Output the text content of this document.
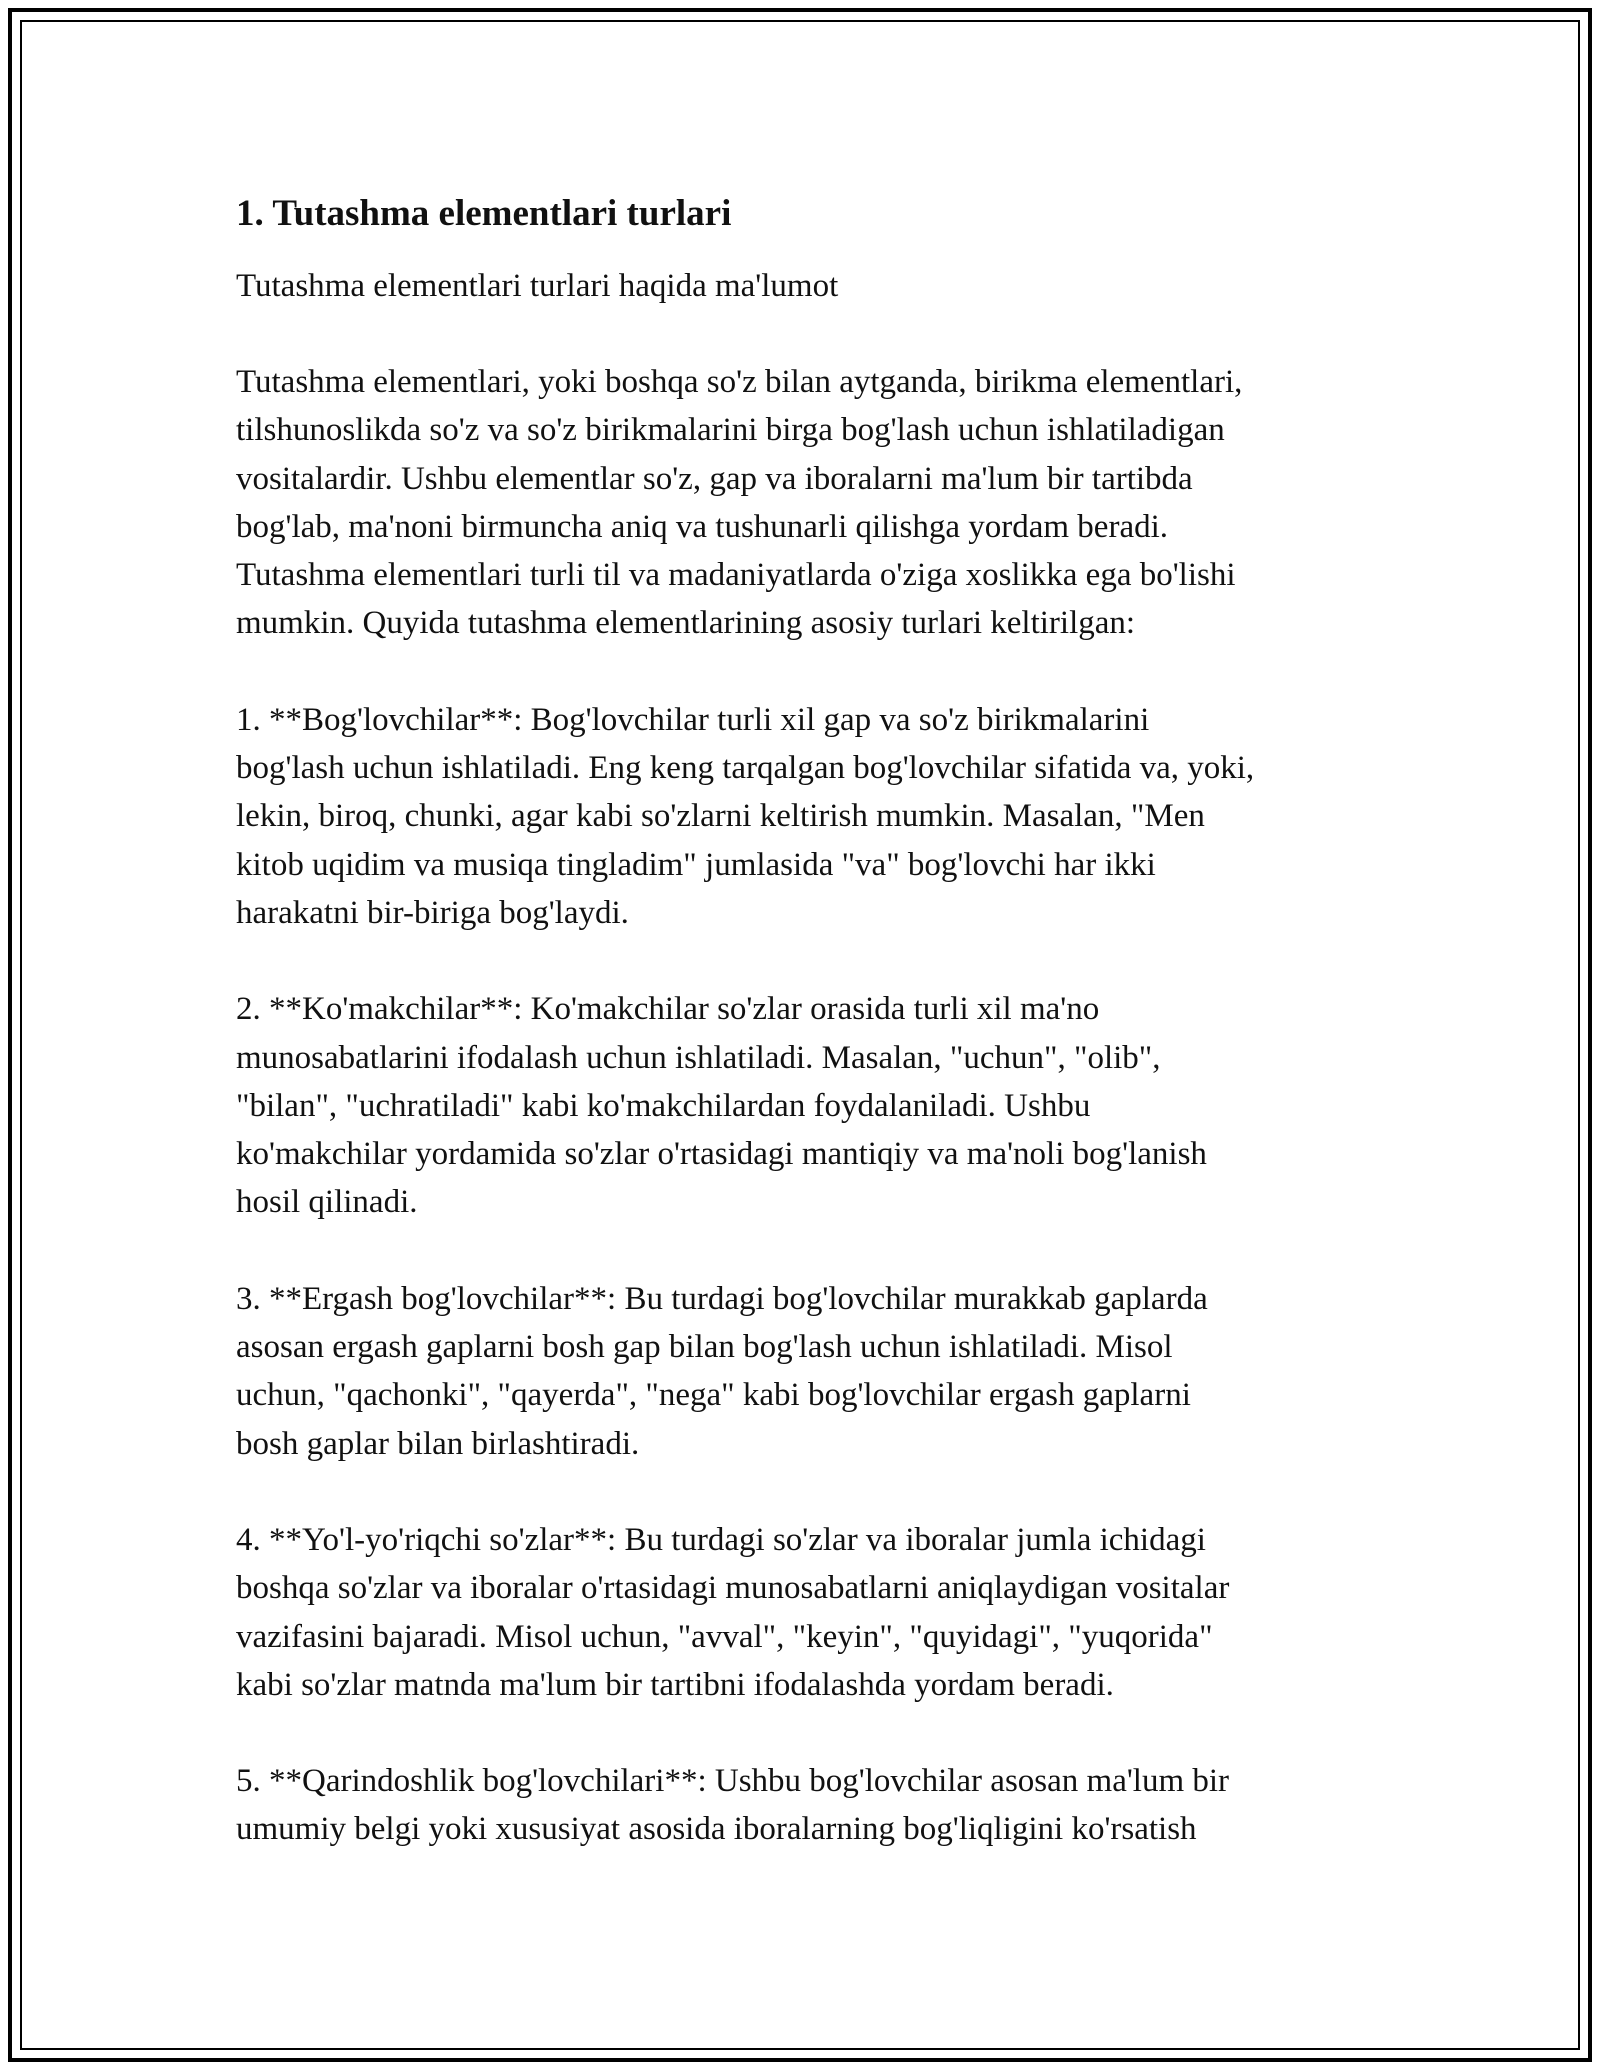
1. Tutashma elementlari turlari

Tutashma elementlari turlari haqida ma'lumot

Tutashma elementlari, yoki boshqa so'z bilan aytganda, birikma elementlari,
tilshunoslikda so'z va so'z birikmalarini birga bog'lash uchun ishlatiladigan
vositalardir. Ushbu elementlar so'z, gap va iboralarni ma'lum bir tartibda
bog'lab, ma'noni birmuncha aniq va tushunarli qilishga yordam beradi.
Tutashma elementlari turli til va madaniyatlarda o'ziga xoslikka ega bo'lishi
mumkin. Quyida tutashma elementlarining asosiy turlari keltirilgan:

1. **Bog'lovchilar**: Bog'lovchilar turli xil gap va so'z birikmalarini
bog'lash uchun ishlatiladi. Eng keng tarqalgan bog'lovchilar sifatida va, yoki,
lekin, biroq, chunki, agar kabi so'zlarni keltirish mumkin. Masalan, "Men
kitob uqidim va musiqa tingladim" jumlasida "va" bog'lovchi har ikki
harakatni bir-biriga bog'laydi.

2. **Ko'makchilar**: Ko'makchilar so'zlar orasida turli xil ma'no
munosabatlarini ifodalash uchun ishlatiladi. Masalan, "uchun", "olib",
"bilan", "uchratiladi" kabi ko'makchilardan foydalaniladi. Ushbu
ko'makchilar yordamida so'zlar o'rtasidagi mantiqiy va ma'noli bog'lanish
hosil qilinadi.

3. **Ergash bog'lovchilar**: Bu turdagi bog'lovchilar murakkab gaplarda
asosan ergash gaplarni bosh gap bilan bog'lash uchun ishlatiladi. Misol
uchun, "qachonki", "qayerda", "nega" kabi bog'lovchilar ergash gaplarni
bosh gaplar bilan birlashtiradi.

4. **Yo'l-yo'riqchi so'zlar**: Bu turdagi so'zlar va iboralar jumla ichidagi
boshqa so'zlar va iboralar o'rtasidagi munosabatlarni aniqlaydigan vositalar
vazifasini bajaradi. Misol uchun, "avval", "keyin", "quyidagi", "yuqorida"
kabi so'zlar matnda ma'lum bir tartibni ifodalashda yordam beradi.

5. **Qarindoshlik bog'lovchilari**: Ushbu bog'lovchilar asosan ma'lum bir
umumiy belgi yoki xususiyat asosida iboralarning bog'liqligini ko'rsatish
